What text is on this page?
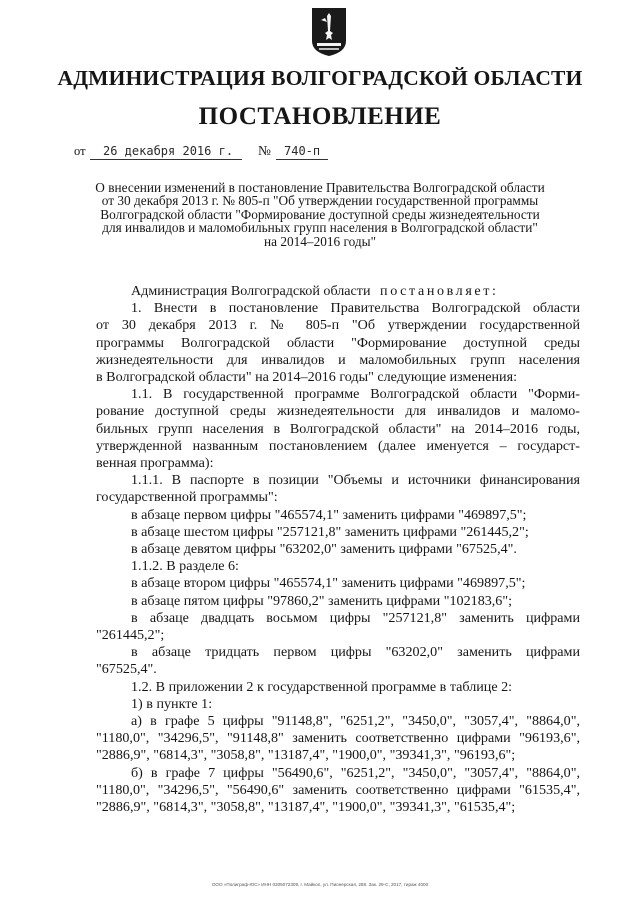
АДМИНИСТРАЦИЯ ВОЛГОГРАДСКОЙ ОБЛАСТИ
ПОСТАНОВЛЕНИЕ
от 26 декабря 2016 г. № 740-п
О внесении изменений в постановление Правительства Волгоградской области
от 30 декабря 2013 г. № 805-п "Об утверждении государственной программы
Волгоградской области "Формирование доступной среды жизнедеятельности
для инвалидов и маломобильных групп населения в Волгоградской области"
на 2014–2016 годы"
Администрация Волгоградской области постановляет:
1. Внести в постановление Правительства Волгоградской области
от 30 декабря 2013 г. № 805-п "Об утверждении государственной
программы Волгоградской области "Формирование доступной среды
жизнедеятельности для инвалидов и маломобильных групп населения
в Волгоградской области" на 2014–2016 годы" следующие изменения:
1.1. В государственной программе Волгоградской области "Форми-
рование доступной среды жизнедеятельности для инвалидов и маломо-
бильных групп населения в Волгоградской области" на 2014–2016 годы,
утвержденной названным постановлением (далее именуется – государст-
венная программа):
1.1.1. В паспорте в позиции "Объемы и источники финансирования
государственной программы":
в абзаце первом цифры "465574,1" заменить цифрами "469897,5";
в абзаце шестом цифры "257121,8" заменить цифрами "261445,2";
в абзаце девятом цифры "63202,0" заменить цифрами "67525,4".
1.1.2. В разделе 6:
в абзаце втором цифры "465574,1" заменить цифрами "469897,5";
в абзаце пятом цифры "97860,2" заменить цифрами "102183,6";
в абзаце двадцать восьмом цифры "257121,8" заменить цифрами
"261445,2";
в абзаце тридцать первом цифры "63202,0" заменить цифрами
"67525,4".
1.2. В приложении 2 к государственной программе в таблице 2:
1) в пункте 1:
а) в графе 5 цифры "91148,8", "6251,2", "3450,0", "3057,4", "8864,0",
"1180,0", "34296,5", "91148,8" заменить соответственно цифрами "96193,6",
"2886,9", "6814,3", "3058,8", "13187,4", "1900,0", "39341,3", "96193,6";
б) в графе 7 цифры "56490,6", "6251,2", "3450,0", "3057,4", "8864,0",
"1180,0", "34296,5", "56490,6" заменить соответственно цифрами "61535,4",
"2886,9", "6814,3", "3058,8", "13187,4", "1900,0", "39341,3", "61535,4";
ООО «Полиграф-ЮС» ИНН 0305072309, г. Майкоп, ул. Пионерская, 288. Зак. 29-С, 2017, тираж 4000
